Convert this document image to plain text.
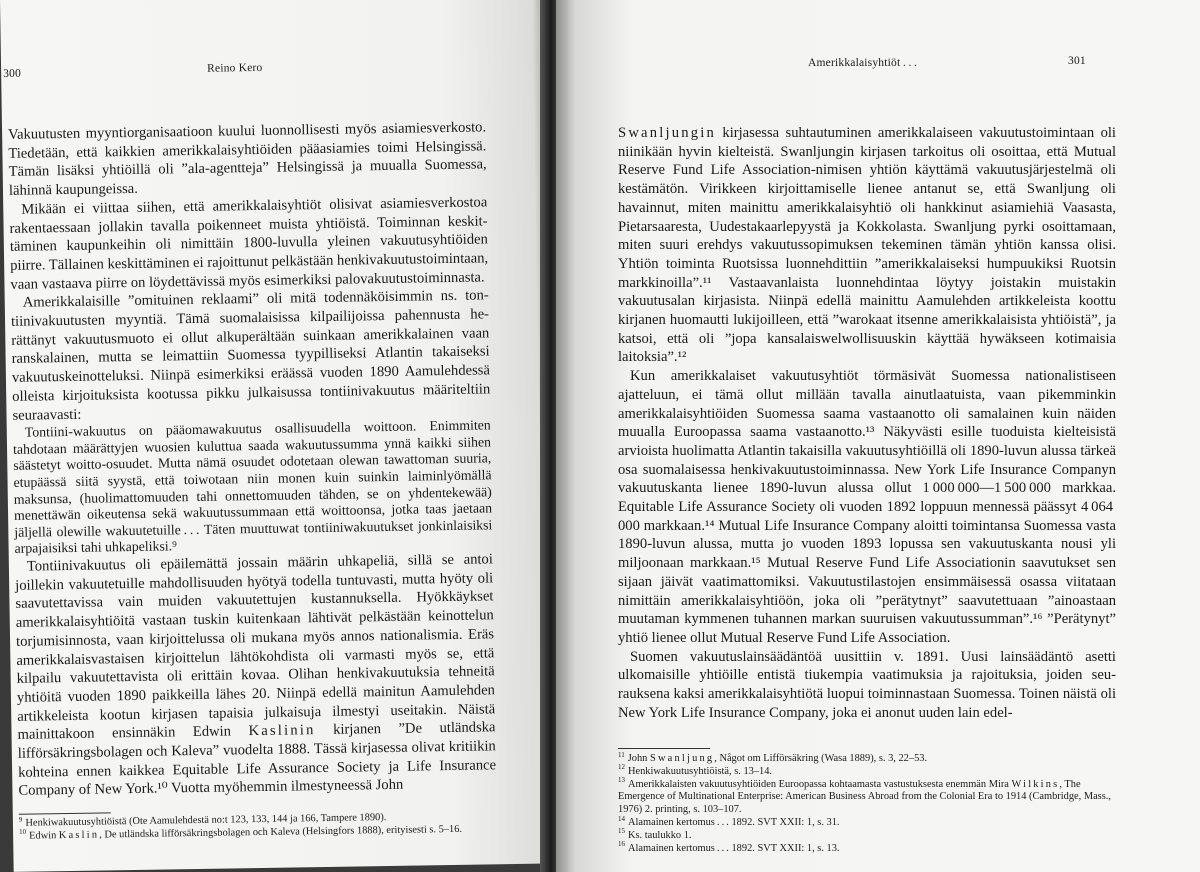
300	Reino Kero

Vakuutusten myyntiorganisaatioon kuului luonnollisesti myös asiamiesverkosto. Tiedetään, että kaikkien amerikkalaisyhtiöiden pääasiamies toimi Helsingissä. Tämän lisäksi yhtiöillä oli ”ala-agentteja” Helsingissä ja muualla Suomessa, lähinnä kaupungeissa.

Mikään ei viittaa siihen, että amerikkalaisyhtiöt olisivat asiamiesverkostoa rakentaessaan jollakin tavalla poikenneet muista yhtiöistä. Toiminnan keskittäminen kaupunkeihin oli nimittäin 1800-luvulla yleinen vakuutusyhtiöiden piirre. Tällainen keskittäminen ei rajoittunut pelkästään henkivakuutustoimintaan, vaan vastaava piirre on löydettävissä myös esimerkiksi palovakuutustoiminnasta.

Amerikkalaisille ”omituinen reklaami” oli mitä todennäköisimmin ns. tontiinivakuutusten myyntiä. Tämä suomalaisissa kilpailijoissa pahennusta herättänyt vakuutusmuoto ei ollut alkuperältään suinkaan amerikkalainen vaan ranskalainen, mutta se leimattiin Suomessa tyypilliseksi Atlantin takaiseksi vakuutuskeinotteluksi. Niinpä esimerkiksi eräässä vuoden 1890 Aamulehdessä olleista kirjoituksista kootussa pikku julkaisussa tontiinivakuutus määriteltiin seuraavasti:

Tontiini-wakuutus on pääomawakuutus osallisuudella woittoon. Enimmiten tahdotaan määrättyjen wuosien kuluttua saada wakuutussumma ynnä kaikki siihen säästetyt woitto-osuudet. Mutta nämä osuudet odotetaan olewan tawattoman suuria, etupäässä siitä syystä, että toiwotaan niin monen kuin suinkin laiminlyömällä maksunsa, (huolimattomuuden tahi onnettomuuden tähden, se on yhdentekewää) menettäwän oikeutensa sekä wakuutussummaan että woittoonsa, jotka taas jaetaan jäljellä olewille wakuutetuille . . . Täten muuttuwat tontiiniwakuutukset jonkinlaisiksi arpajaisiksi tahi uhkapeliksi.⁹

Tontiinivakuutus oli epäilemättä jossain määrin uhkapeliä, sillä se antoi joillekin vakuutetuille mahdollisuuden hyötyä todella tuntuvasti, mutta hyöty oli saavutettavissa vain muiden vakuutettujen kustannuksella. Hyökkäykset amerikkalaisyhtiöitä vastaan tuskin kuitenkaan lähtivät pelkästään keinottelun torjumisinnosta, vaan kirjoittelussa oli mukana myös annos nationalismia. Eräs amerikkalaisvastaisen kirjoittelun lähtökohdista oli varmasti myös se, että kilpailu vakuutettavista oli erittäin kovaa. Olihan henkivakuutuksia tehneitä yhtiöitä vuoden 1890 paikkeilla lähes 20. Niinpä edellä mainitun Aamulehden artikkeleista kootun kirjasen tapaisia julkaisuja ilmestyi useitakin. Näistä mainittakoon ensinnäkin Edwin Kaslinin kirjanen ”De utländska lifförsäkringsbolagen och Kaleva” vuodelta 1888. Tässä kirjasessa olivat kritiikin kohteina ennen kaikkea Equitable Life Assurance Society ja Life Insurance Company of New York.¹⁰ Vuotta myöhemmin ilmestyneessä John

$^9$ Henkiwakuutusyhtiöistä (Ote Aamulehdestä no:t 123, 133, 144 ja 166, Tampere 1890).

$^{10}$ Edwin Kaslin, De utländska lifförsäkringsbolagen och Kaleva (Helsingfors 1888), erityisesti s. 5–16.

Amerikkalaisyhtiöt . . .	301

Swanljungin kirjasessa suhtautuminen amerikkalaiseen vakuutustoimintaan oli niinikään hyvin kielteistä. Swanljungin kirjasen tarkoitus oli osoittaa, että Mutual Reserve Fund Life Association-nimisen yhtiön käyttämä vakuutusjärjestelmä oli kestämätön. Virikkeen kirjoittamiselle lienee antanut se, että Swanljung oli havainnut, miten mainittu amerikkalaisyhtiö oli hankkinut asiamiehiä Vaasasta, Pietarsaaresta, Uudestakaarlepyystä ja Kokkolasta. Swanljung pyrki osoittamaan, miten suuri erehdys vakuutussopimuksen tekeminen tämän yhtiön kanssa olisi. Yhtiön toiminta Ruotsissa luonnehdittiin ”amerikkalaiseksi humpuukiksi Ruotsin markkinoilla”.¹¹ Vastaavanlaista luonnehdintaa löytyy joistakin muistakin vakuutusalan kirjasista. Niinpä edellä mainittu Aamulehden artikkeleista koottu kirjanen huomautti lukijoilleen, että ”warokaat itsenne amerikkalaisista yhtiöistä”, ja katsoi, että oli ”jopa kansalaiswelwollisuuskin käyttää hywäkseen kotimaisia laitoksia”.¹²

Kun amerikkalaiset vakuutusyhtiöt törmäsivät Suomessa nationalistiseen ajatteluun, ei tämä ollut millään tavalla ainutlaatuista, vaan pikemminkin amerikkalaisyhtiöiden Suomessa saama vastaanotto oli samalainen kuin näiden muualla Euroopassa saama vastaanotto.¹³ Näkyvästi esille tuoduista kielteisistä arvioista huolimatta Atlantin takaisilla vakuutusyhtiöillä oli 1890-luvun alussa tärkeä osa suomalaisessa henkivakuutustoiminnassa. New York Life Insurance Companyn vakuutuskanta lienee 1890-luvun alussa ollut 1 000 000—1 500 000 markkaa. Equitable Life Assurance Society oli vuoden 1892 loppuun mennessä päässyt 4 064 000 markkaan.¹⁴ Mutual Life Insurance Company aloitti toimintansa Suomessa vasta 1890-luvun alussa, mutta jo vuoden 1893 lopussa sen vakuutuskanta nousi yli miljoonaan markkaan.¹⁵ Mutual Reserve Fund Life Associationin saavutukset sen sijaan jäivät vaatimattomiksi. Vakuutustilastojen ensimmäisessä osassa viitataan nimittäin amerikkalaisyhtiöön, joka oli ”perätytnyt” saavutettuaan ”ainoastaan muutaman kymmenen tuhannen markan suuruisen vakuutussumman”.¹⁶ ”Perätynyt” yhtiö lienee ollut Mutual Reserve Fund Life Association.

Suomen vakuutuslainsäädäntöä uusittiin v. 1891. Uusi lainsäädäntö asetti ulkomaisille yhtiöille entistä tiukempia vaatimuksia ja rajoituksia, joiden seurauksena kaksi amerikkalaisyhtiötä luopui toiminnastaan Suomessa. Toinen näistä oli New York Life Insurance Company, joka ei anonut uuden lain edel-

$^{11}$ John Swanljung, Något om Lifförsäkring (Wasa 1889), s. 3, 22–53.

$^{12}$ Henkiwakuutusyhtiöistä, s. 13–14.

$^{13}$ Amerikkalaisten vakuutusyhtiöiden Euroopassa kohtaamasta vastustuksesta enemmän Mira Wilkins, The Emergence of Multinational Enterprise: American Business Abroad from the Colonial Era to 1914 (Cambridge, Mass., 1976) 2. printing, s. 103–107.

$^{14}$ Alamainen kertomus . . . 1892. SVT XXII: 1, s. 31.

$^{15}$ Ks. taulukko 1.

$^{16}$ Alamainen kertomus . . . 1892. SVT XXII: 1, s. 13.
